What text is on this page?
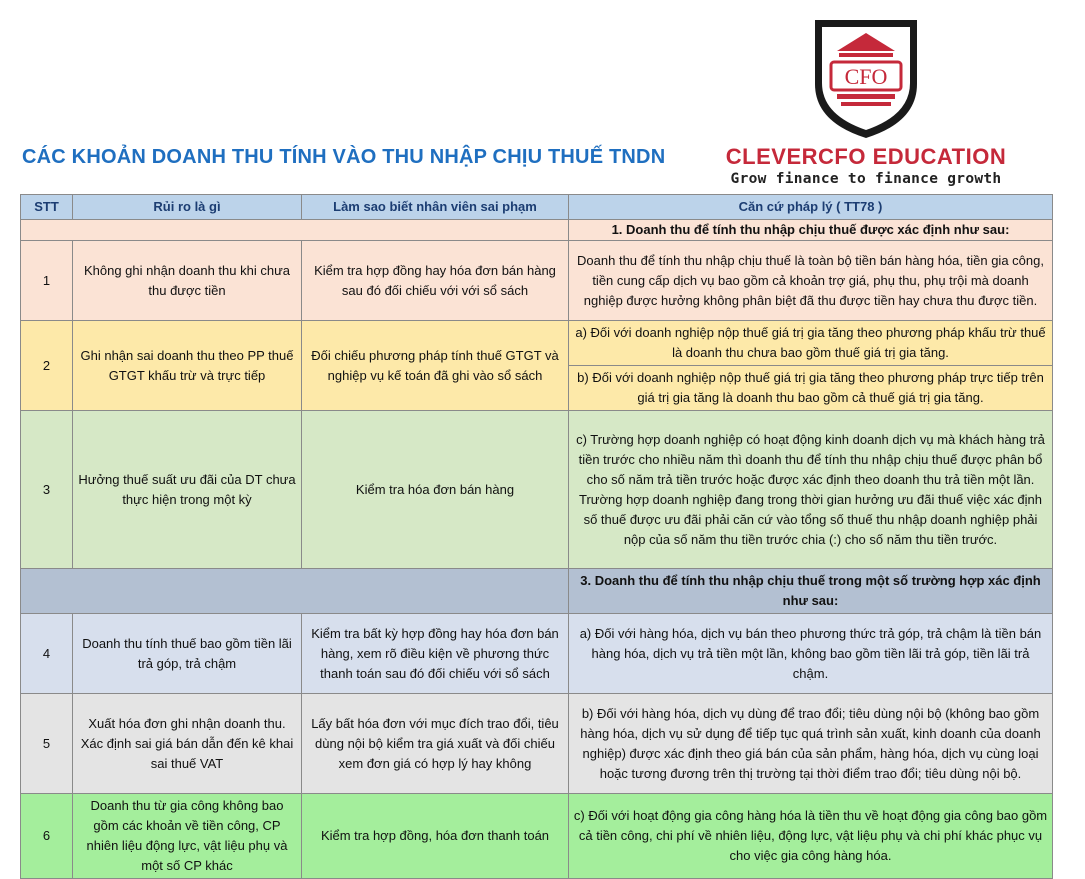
CÁC KHOẢN DOANH THU TÍNH VÀO THU NHẬP CHỊU THUẾ TNDN
CFO
CLEVERCFO EDUCATION
Grow finance to finance growth
STT	Rủi ro là gì	Làm sao biết nhân viên sai phạm	Căn cứ pháp lý ( TT78 )
			1. Doanh thu để tính thu nhập chịu thuế được xác định như sau:
1	Không ghi nhận doanh thu khi chưa thu được tiền	Kiểm tra hợp đồng hay hóa đơn bán hàng sau đó đối chiếu với với sổ sách	Doanh thu để tính thu nhập chịu thuế là toàn bộ tiền bán hàng hóa, tiền gia công, tiền cung cấp dịch vụ bao gồm cả khoản trợ giá, phụ thu, phụ trội mà doanh nghiệp được hưởng không phân biệt đã thu được tiền hay chưa thu được tiền.
2	Ghi nhận sai doanh thu theo PP thuế GTGT khấu trừ và trực tiếp	Đối chiếu phương pháp tính thuế GTGT và nghiệp vụ kế toán đã ghi vào sổ sách	a) Đối với doanh nghiệp nộp thuế giá trị gia tăng theo phương pháp khấu trừ thuế là doanh thu chưa bao gồm thuế giá trị gia tăng.
			b) Đối với doanh nghiệp nộp thuế giá trị gia tăng theo phương pháp trực tiếp trên giá trị gia tăng là doanh thu bao gồm cả thuế giá trị gia tăng.
3	Hưởng thuế suất ưu đãi của DT chưa thực hiện trong một kỳ	Kiểm tra hóa đơn bán hàng	c) Trường hợp doanh nghiệp có hoạt động kinh doanh dịch vụ mà khách hàng trả tiền trước cho nhiều năm thì doanh thu để tính thu nhập chịu thuế được phân bổ cho số năm trả tiền trước hoặc được xác định theo doanh thu trả tiền một lần. Trường hợp doanh nghiệp đang trong thời gian hưởng ưu đãi thuế việc xác định số thuế được ưu đãi phải căn cứ vào tổng số thuế thu nhập doanh nghiệp phải nộp của số năm thu tiền trước chia (:) cho số năm thu tiền trước.
			3. Doanh thu để tính thu nhập chịu thuế trong một số trường hợp xác định như sau:
4	Doanh thu tính thuế bao gồm tiền lãi trả góp, trả chậm	Kiểm tra bất kỳ hợp đồng hay hóa đơn bán hàng, xem rõ điều kiện về phương thức thanh toán sau đó đối chiếu với sổ sách	a) Đối với hàng hóa, dịch vụ bán theo phương thức trả góp, trả chậm là tiền bán hàng hóa, dịch vụ trả tiền một lần, không bao gồm tiền lãi trả góp, tiền lãi trả chậm.
5	Xuất hóa đơn ghi nhận doanh thu. Xác định sai giá bán dẫn đến kê khai sai thuế VAT	Lấy bất hóa đơn với mục đích trao đổi, tiêu dùng nội bộ kiểm tra giá xuất và đối chiếu xem đơn giá có hợp lý hay không	b) Đối với hàng hóa, dịch vụ dùng để trao đổi; tiêu dùng nội bộ (không bao gồm hàng hóa, dịch vụ sử dụng để tiếp tục quá trình sản xuất, kinh doanh của doanh nghiệp) được xác định theo giá bán của sản phẩm, hàng hóa, dịch vụ cùng loại hoặc tương đương trên thị trường tại thời điểm trao đổi; tiêu dùng nội bộ.
6	Doanh thu từ gia công không bao gồm các khoản về tiền công, CP nhiên liệu động lực, vật liệu phụ và một số CP khác	Kiểm tra hợp đồng, hóa đơn thanh toán	c) Đối với hoạt động gia công hàng hóa là tiền thu về hoạt động gia công bao gồm cả tiền công, chi phí về nhiên liệu, động lực, vật liệu phụ và chi phí khác phục vụ cho việc gia công hàng hóa.
